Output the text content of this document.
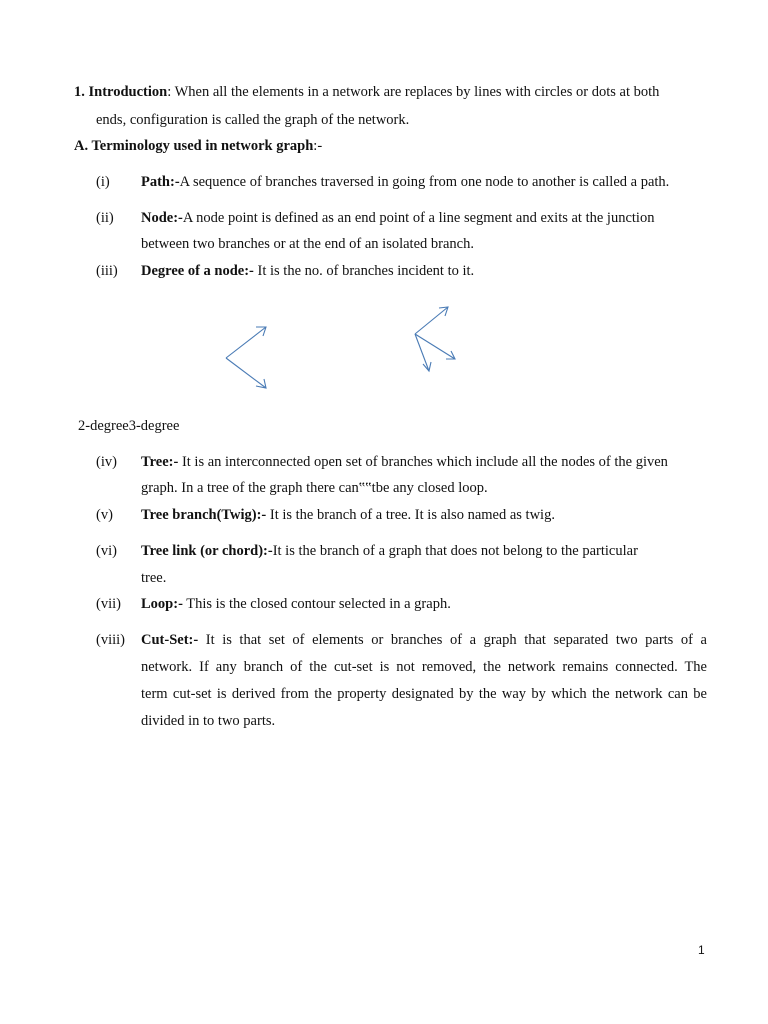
1. Introduction: When all the elements in a network are replaces by lines with circles or dots at both
ends, configuration is called the graph of the network.
A. Terminology used in network graph:-
(i) Path:-A sequence of branches traversed in going from one node to another is called a path.
(ii) Node:-A node point is defined as an end point of a line segment and exits at the junction
between two branches or at the end of an isolated branch.
(iii) Degree of a node:- It is the no. of branches incident to it.
2-degree3-degree
(iv) Tree:- It is an interconnected open set of branches which include all the nodes of the given
graph. In a tree of the graph there can‟‟tbe any closed loop.
(v) Tree branch(Twig):- It is the branch of a tree. It is also named as twig.
(vi) Tree link (or chord):-It is the branch of a graph that does not belong to the particular
tree.
(vii) Loop:- This is the closed contour selected in a graph.
(viii) Cut-Set:- It is that set of elements or branches of a graph that separated two parts of a
network. If any branch of the cut-set is not removed, the network remains connected. The
term cut-set is derived from the property designated by the way by which the network can be
divided in to two parts.
1
